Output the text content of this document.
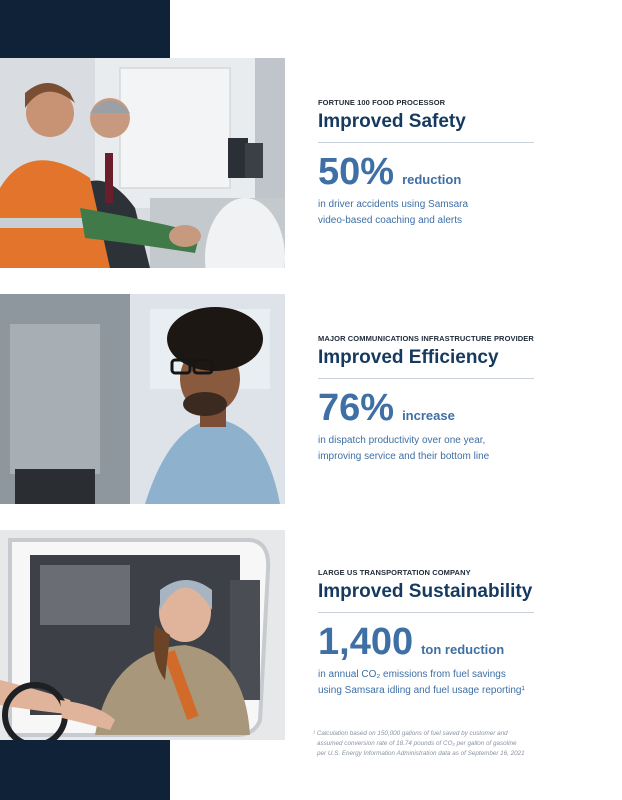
FORTUNE 100 FOOD PROCESSOR
Improved Safety
50% reduction
in driver accidents using Samsara
video-based coaching and alerts
MAJOR COMMUNICATIONS INFRASTRUCTURE PROVIDER
Improved Efficiency
76% increase
in dispatch productivity over one year,
improving service and their bottom line
LARGE US TRANSPORTATION COMPANY
Improved Sustainability
1,400 ton reduction
in annual CO₂ emissions from fuel savings
using Samsara idling and fuel usage reporting¹
¹ Calculation based on 150,000 gallons of fuel saved by customer and
assumed conversion rate of 18.74 pounds of CO₂ per gallon of gasoline
per U.S. Energy Information Administration data as of September 16, 2021
